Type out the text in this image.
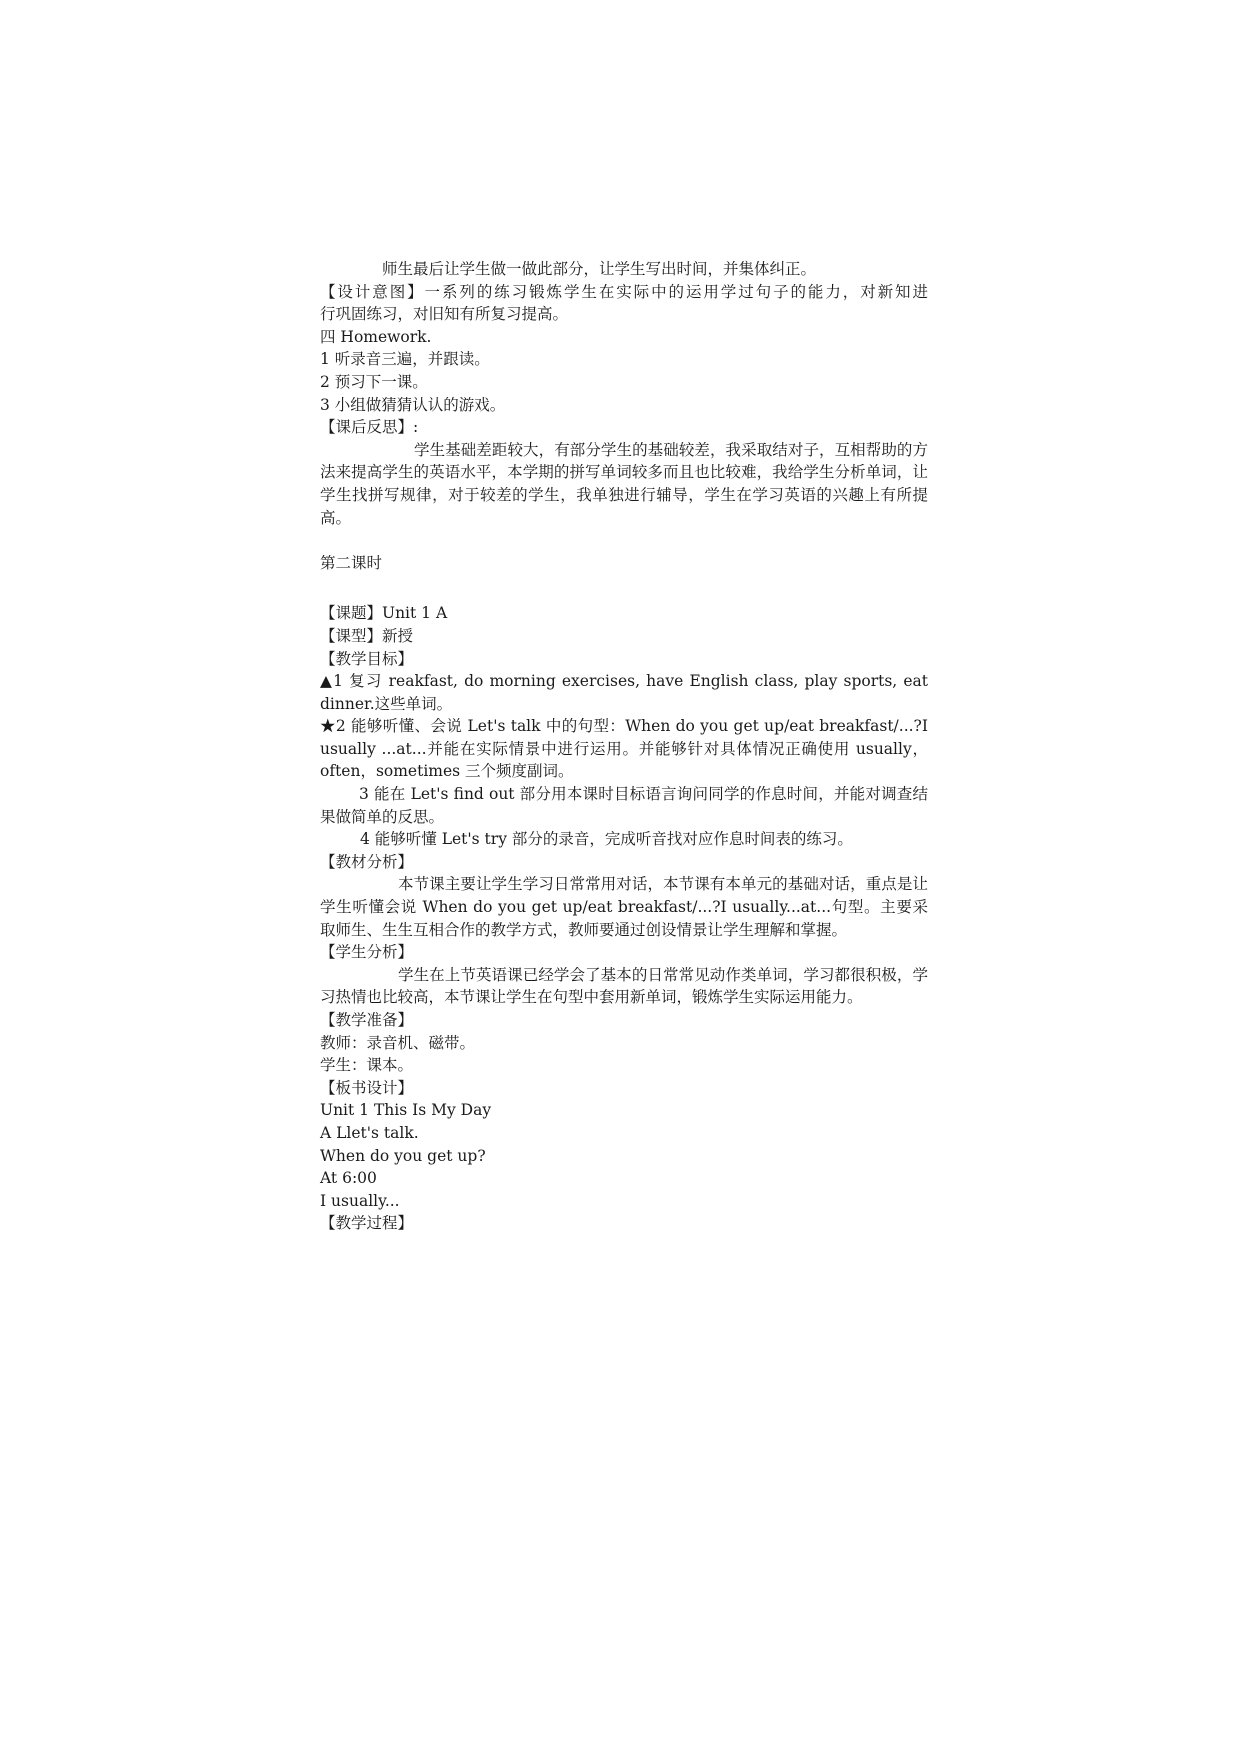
师生最后让学生做一做此部分，让学生写出时间，并集体纠正。
【设计意图】一系列的练习锻炼学生在实际中的运用学过句子的能力，对新知进
行巩固练习，对旧知有所复习提高。
四 Homework.
1 听录音三遍，并跟读。
2 预习下一课。
3 小组做猜猜认认的游戏。
【课后反思】:
学生基础差距较大，有部分学生的基础较差，我采取结对子，互相帮助的方法来提高学生的英语水平，本学期的拼写单词较多而且也比较难，我给学生分析单词，让学生找拼写规律，对于较差的学生，我单独进行辅导，学生在学习英语的兴趣上有所提高。
第二课时
【课题】Unit 1 A
【课型】新授
【教学目标】
▲1 复习 reakfast, do morning exercises, have English class, play sports, eat dinner.这些单词。
★2 能够听懂、会说 Let's talk 中的句型：When do you get up/eat breakfast/...?I usually ...at...并能在实际情景中进行运用。并能够针对具体情况正确使用 usually，often，sometimes 三个频度副词。
3 能在 Let's find out 部分用本课时目标语言询问同学的作息时间，并能对调查结果做简单的反思。
4 能够听懂 Let's try 部分的录音，完成听音找对应作息时间表的练习。
【教材分析】
本节课主要让学生学习日常常用对话，本节课有本单元的基础对话，重点是让学生听懂会说 When do you get up/eat breakfast/...?I usually...at...句型。主要采取师生、生生互相合作的教学方式，教师要通过创设情景让学生理解和掌握。
【学生分析】
学生在上节英语课已经学会了基本的日常常见动作类单词，学习都很积极，学习热情也比较高，本节课让学生在句型中套用新单词，锻炼学生实际运用能力。
【教学准备】
教师：录音机、磁带。
学生：课本。
【板书设计】
Unit 1 This Is My Day
A Llet's talk.
When do you get up?
At 6:00
I usually...
【教学过程】
